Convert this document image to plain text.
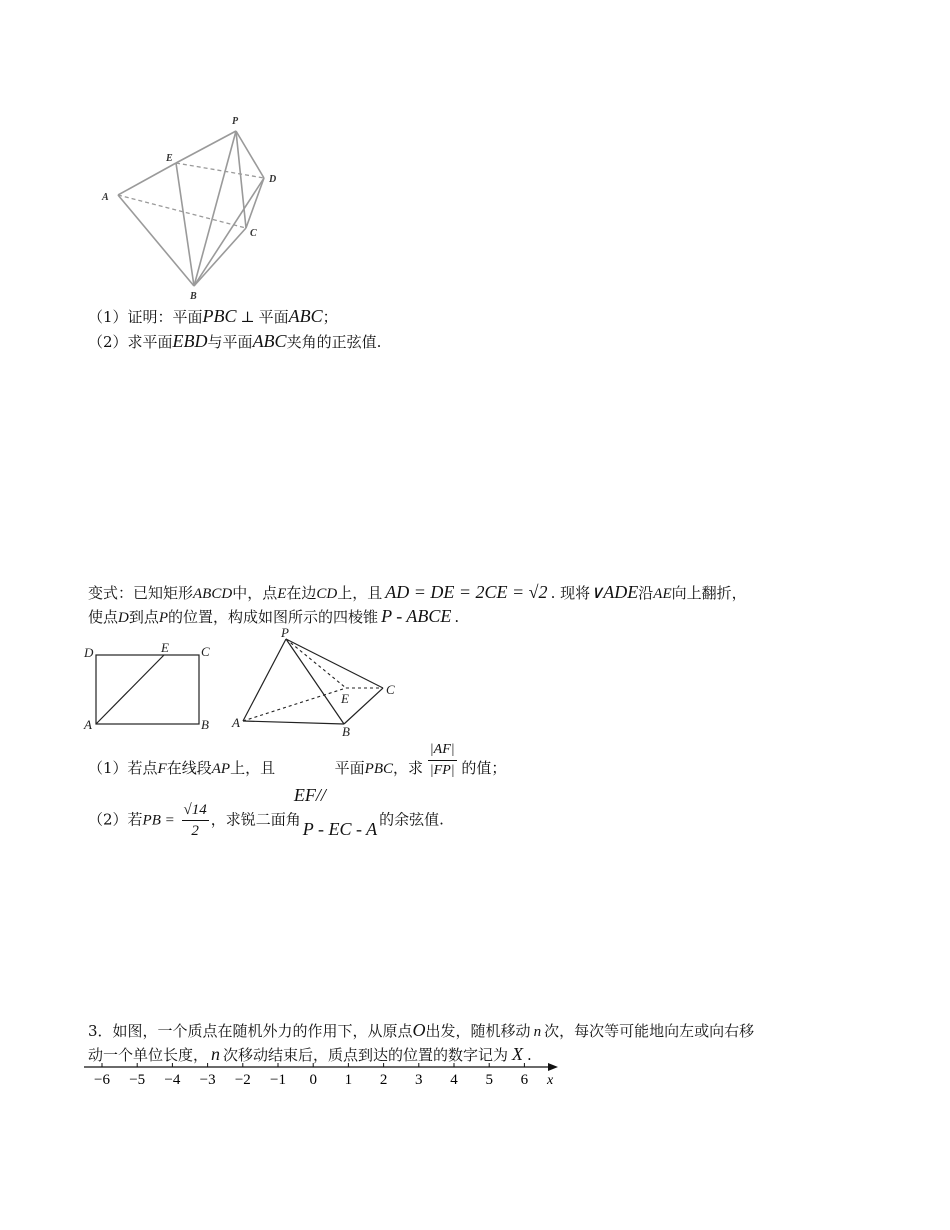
P
E
D
A
C
B
（1）证明：平面PBC ⊥ 平面ABC；
（2）求平面EBD与平面ABC夹角的正弦值.
变式：已知矩形ABCD中，点E在边CD上，且 AD = DE = 2CE = √2 . 现将∨ADE沿AE向上翻折，
使点D到点P的位置，构成如图所示的四棱锥 P - ABCE .
D	E C
A	B
P
C
E
A
B
（1）若点F在线段AP上，且 EF// 平面PBC，求 $\frac{|AF|}{|FP|}$ 的值；
（2）若PB = $\frac{√14}{2}$ ，求锐二面角 P - EC - A 的余弦值.
3．如图，一个质点在随机外力的作用下，从原点O出发，随机移动 n 次，每次等可能地向左或向右移
动一个单位长度， n 次移动结束后，质点到达的位置的数字记为 X .
x
−6 −5 −4 −3 −2 −1 0 1 2 3 4 5 6
